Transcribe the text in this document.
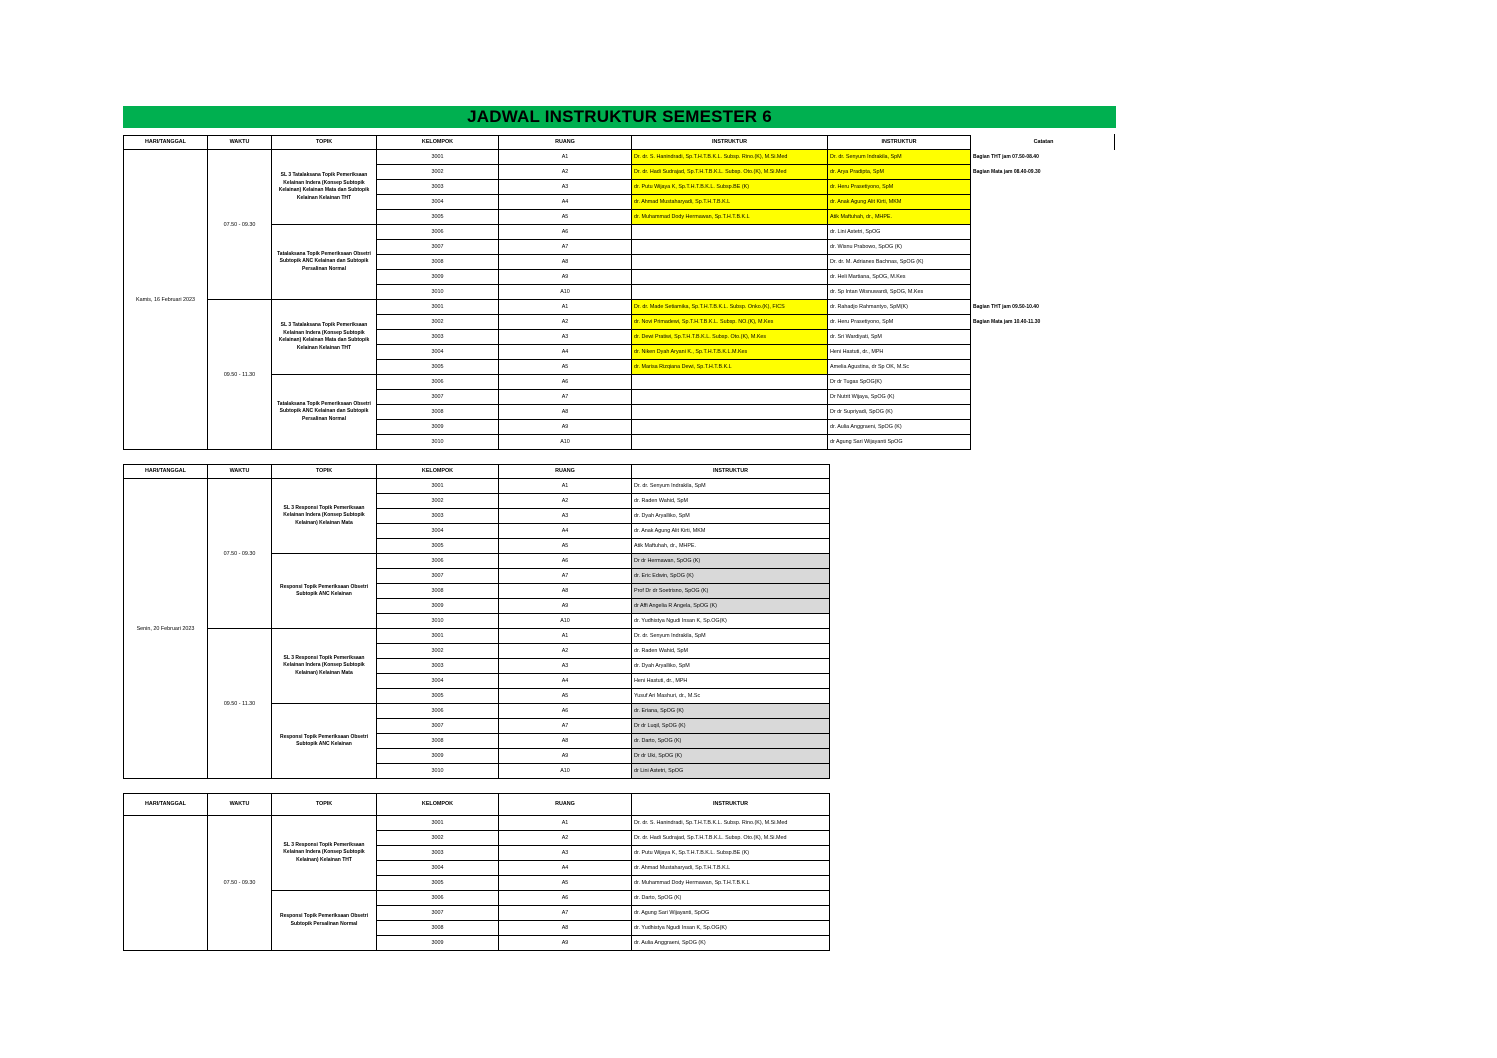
JADWAL INSTRUKTUR SEMESTER 6
HARI/TANGGAL	WAKTU	TOPIK	KELOMPOK	RUANG	INSTRUKTUR	INSTRUKTUR	Catatan
Kamis, 16 Februari 2023	07.50 - 09.30	SL 3 Tatalaksana Topik Pemeriksaan Kelainan Indera (Konsep Subtopik Kelainan) Kelainan Mata dan Subtopik Kelainan Kelainan THT	3001	A1	Dr. dr. S. Hanindradi, Sp.T.H.T.B.K.L. Subsp. Rino.(K), M.Si.Med	Dr. dr. Senyum Indrakila, SpM	Bagian THT jam 07.50-08.40
			3002	A2	Dr. dr. Hadi Sudrajad, Sp.T.H.T.B.K.L. Subsp. Oto.(K), M.Si.Med	dr. Arya Pradipta, SpM	Bagian Mata jam 08.40-09.30
			3003	A3	dr. Putu Wijaya K, Sp.T.H.T.B.K.L. Subsp.BE (K)	dr. Heru Prasetiyono, SpM	
			3004	A4	dr. Ahmad Mustaharyadi, Sp.T.H.T.B.K.L	dr. Anak Agung Alit Kirti, MKM	
			3005	A5	dr. Muhammad Dody Hermawan, Sp.T.H.T.B.K.L	Atik Maftuhah, dr., MHPE.	
		Tatalaksana Topik Pemeriksaan Obsetri Subtopik ANC Kelainan dan Subtopik Persalinan Normal	3006	A6		dr. Lini Astetri, SpOG	
			3007	A7		dr. Wisnu Prabowo, SpOG (K)	
			3008	A8		Dr. dr. M. Adrianes Bachnas, SpOG (K)	
			3009	A9		dr. Heli Martiana, SpOG, M.Kes	
			3010	A10		dr. Sp Intan Wisnuwardi, SpOG, M.Kes	
	09.50 - 11.30	SL 3 Tatalaksana Topik Pemeriksaan Kelainan Indera (Konsep Subtopik Kelainan) Kelainan Mata dan Subtopik Kelainan Kelainan THT	3001	A1	Dr. dr. Made Setiamika, Sp.T.H.T.B.K.L. Subsp. Onko.(K), FICS	dr. Rahadjo Rahmantyo, SpM(K)	Bagian THT jam 09.50-10.40
			3002	A2	dr. Novi Primadewi, Sp.T.H.T.B.K.L. Subsp. NO.(K), M.Kes	dr. Heru Prasetiyono, SpM	Bagian Mata jam 10.40-11.30
			3003	A3	dr. Dewi Pratiwi, Sp.T.H.T.B.K.L. Subsp. Oto.(K), M.Kes	dr. Sri Wardiyati, SpM	
			3004	A4	dr. Niken Dyah Aryani K., Sp.T.H.T.B.K.L.M.Kes	Heni Hastuti, dr., MPH	
			3005	A5	dr. Marisa Rizqiana Dewi, Sp.T.H.T.B.K.L	Amelia Agustina, dr Sp OK, M.Sc	
		Tatalaksana Topik Pemeriksaan Obsetri Subtopik ANC Kelainan dan Subtopik Persalinan Normal	3006	A6		Dr dr Tugas SpOG(K)	
			3007	A7		Dr Nutrit Wijaya, SpOG (K)	
			3008	A8		Dr dr Supriyadi, SpOG (K)	
			3009	A9		dr. Aulia Anggraeni, SpOG (K)	
			3010	A10		dr Agung Sari Wijayanti SpOG	
HARI/TANGGAL	WAKTU	TOPIK	KELOMPOK	RUANG	INSTRUKTUR
Senin, 20 Februari 2023	07.50 - 09.30	SL 3 Responsi Topik Pemeriksaan Kelainan Indera (Konsep Subtopik Kelainan) Kelainan Mata	3001	A1	Dr. dr. Senyum Indrakila, SpM
			3002	A2	dr. Raden Wahid, SpM
			3003	A3	dr. Dyah Aryalliko, SpM
			3004	A4	dr. Anak Agung Alit Kirti, MKM
			3005	A5	Atik Maftuhah, dr., MHPE.
		Responsi Topik Pemeriksaan Obsetri Subtopik ANC Kelainan	3006	A6	Dr dr Hermawan, SpOG (K)
			3007	A7	dr. Eric Edwin, SpOG (K)
			3008	A8	Prof Dr dr Soetrisno, SpOG (K)
			3009	A9	dr Affi Angelia R Angela, SpOG (K)
			3010	A10	dr. Yudhistya Ngudi Insan K, Sp.OG(K)
	09.50 - 11.30	SL 3 Responsi Topik Pemeriksaan Kelainan Indera (Konsep Subtopik Kelainan) Kelainan Mata	3001	A1	Dr. dr. Senyum Indrakila, SpM
			3002	A2	dr. Raden Wahid, SpM
			3003	A3	dr. Dyah Aryalliko, SpM
			3004	A4	Heni Hastuti, dr., MPH
			3005	A5	Yusuf Ari Mashuri, dr., M.Sc
		Responsi Topik Pemeriksaan Obsetri Subtopik ANC Kelainan	3006	A6	dr. Eriana, SpOG (K)
			3007	A7	Dr dr Luqil, SpOG (K)
			3008	A8	dr. Darto, SpOG (K)
			3009	A9	Dr dr Uki, SpOG (K)
			3010	A10	dr Lini Astetri, SpOG
HARI/TANGGAL	WAKTU	TOPIK	KELOMPOK	RUANG	INSTRUKTUR
	07.50 - 09.30	SL 3 Responsi Topik Pemeriksaan Kelainan Indera (Konsep Subtopik Kelainan) Kelainan THT	3001	A1	Dr. dr. S. Hanindradi, Sp.T.H.T.B.K.L. Subsp. Rino.(K), M.Si.Med
			3002	A2	Dr. dr. Hadi Sudrajad, Sp.T.H.T.B.K.L. Subsp. Oto.(K), M.Si.Med
			3003	A3	dr. Putu Wijaya K, Sp.T.H.T.B.K.L. Subsp.BE (K)
			3004	A4	dr. Ahmad Mustaharyadi, Sp.T.H.T.B.K.L
			3005	A5	dr. Muhammad Dody Hermawan, Sp.T.H.T.B.K.L
		Responsi Topik Pemeriksaan Obsetri Subtopik Persalinan Normal	3006	A6	dr. Darto, SpOG (K)
			3007	A7	dr. Agung Sari Wijayanti, SpOG
			3008	A8	dr. Yudhistya Ngudi Insan K, Sp.OG(K)
			3009	A9	dr. Aulia Anggraeni, SpOG (K)
